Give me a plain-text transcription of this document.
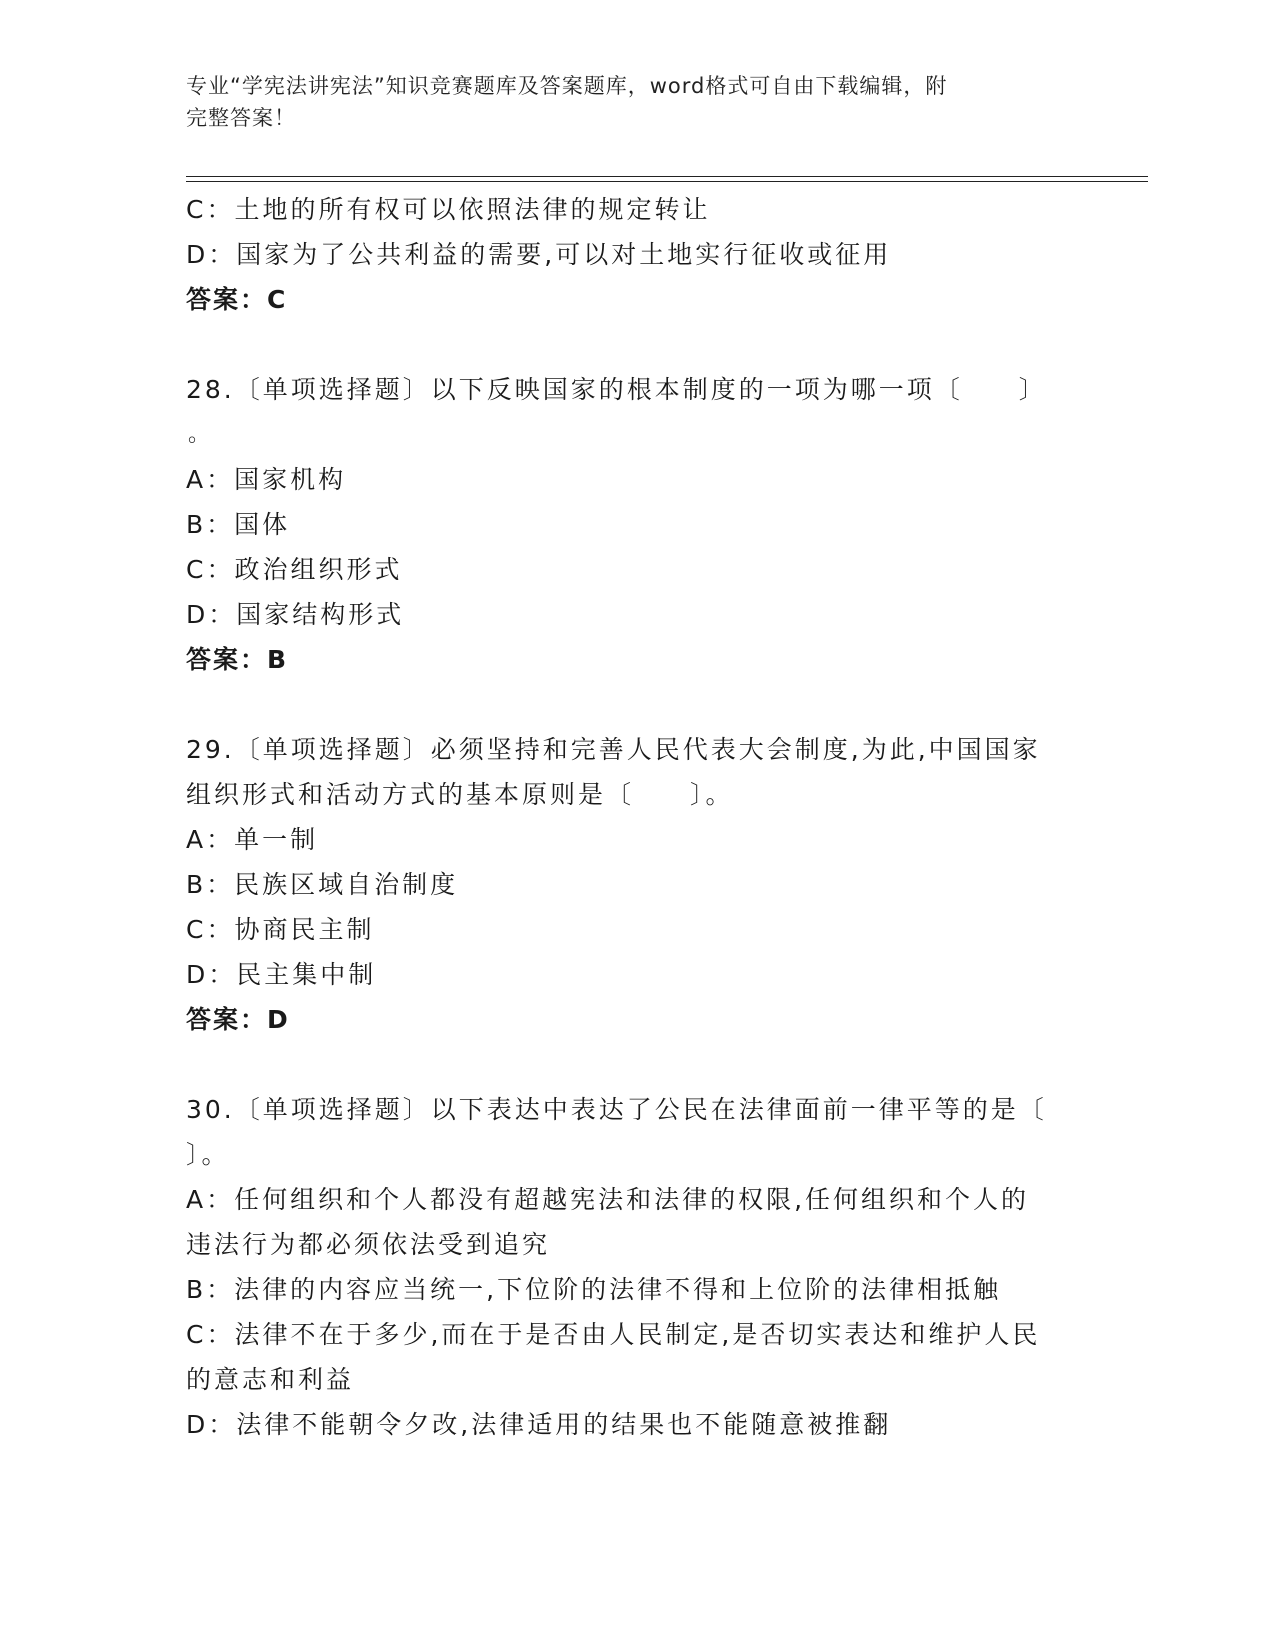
专业“学宪法讲宪法”知识竞赛题库及答案题库，word格式可自由下载编辑，附
完整答案！
C：土地的所有权可以依照法律的规定转让
D：国家为了公共利益的需要,可以对土地实行征收或征用
答案：C
28.〔单项选择题〕以下反映国家的根本制度的一项为哪一项〔　　〕
。
A：国家机构
B：国体
C：政治组织形式
D：国家结构形式
答案：B
29.〔单项选择题〕必须坚持和完善人民代表大会制度,为此,中国国家
组织形式和活动方式的基本原则是〔　　〕。
A：单一制
B：民族区域自治制度
C：协商民主制
D：民主集中制
答案：D
30.〔单项选择题〕以下表达中表达了公民在法律面前一律平等的是〔
〕。
A：任何组织和个人都没有超越宪法和法律的权限,任何组织和个人的
违法行为都必须依法受到追究
B：法律的内容应当统一,下位阶的法律不得和上位阶的法律相抵触
C：法律不在于多少,而在于是否由人民制定,是否切实表达和维护人民
的意志和利益
D：法律不能朝令夕改,法律适用的结果也不能随意被推翻
